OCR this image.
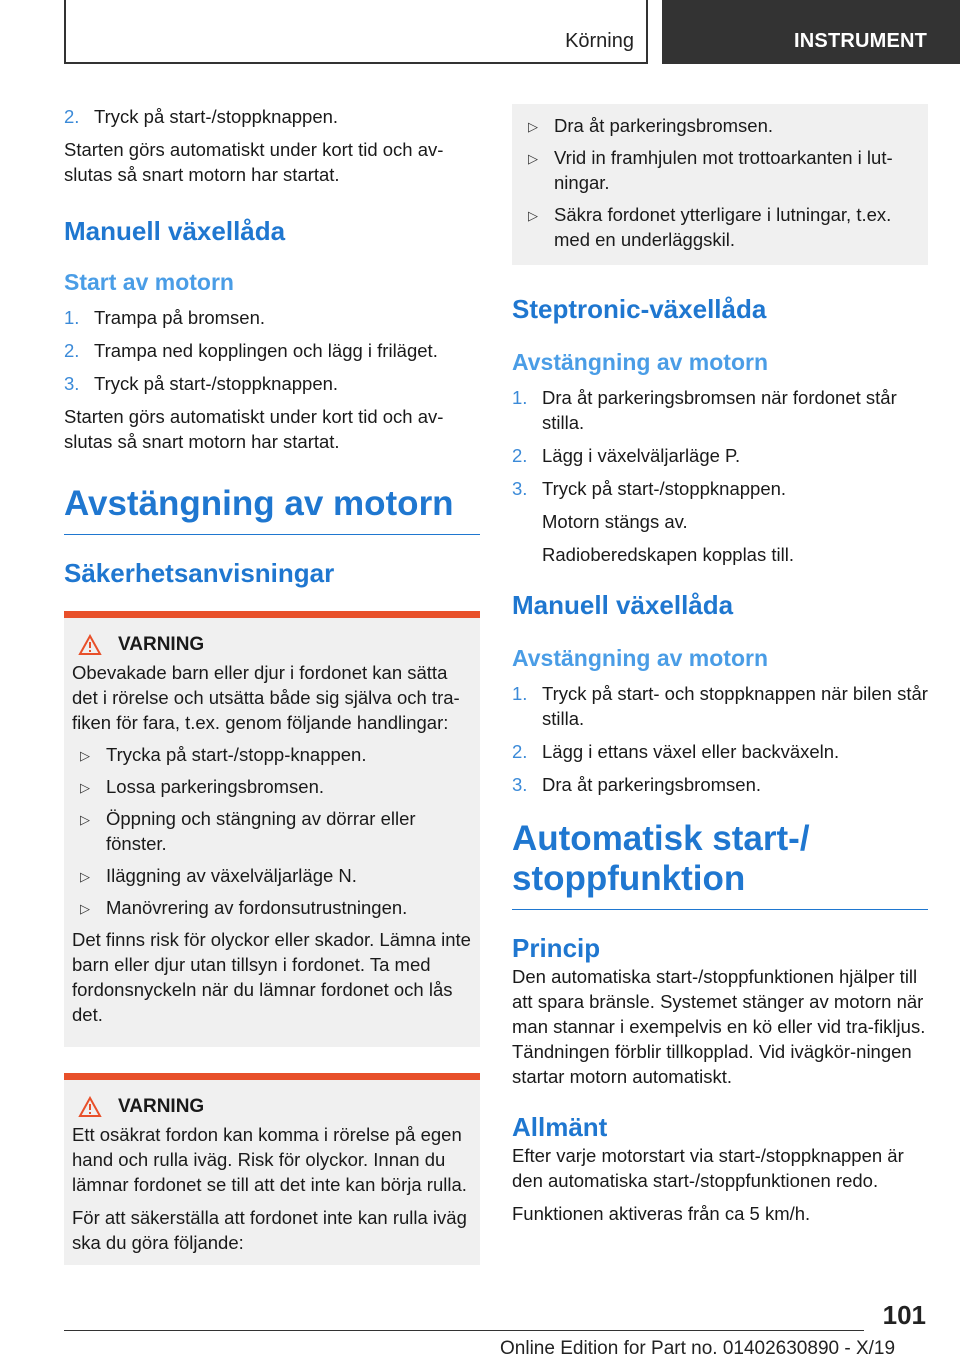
Körning	INSTRUMENT
2. Tryck på start-/stoppknappen.

Starten görs automatiskt under kort tid och av‐slutas så snart motorn har startat.

Manuell växellåda
Start av motorn
1. Trampa på bromsen.
2. Trampa ned kopplingen och lägg i friläget.
3. Tryck på start-/stoppknappen.

Starten görs automatiskt under kort tid och av‐slutas så snart motorn har startat.

Avstängning av motorn
Säkerhetsanvisningar
VARNING

Obevakade barn eller djur i fordonet kan sätta det i rörelse och utsätta både sig själva och tra‐fiken för fara, t.ex. genom följande handlingar:

▷ Trycka på start-/stopp-knappen.
▷ Lossa parkeringsbromsen.
▷ Öppning och stängning av dörrar eller fönster.
▷ Iläggning av växelväljarläge N.
▷ Manövrering av fordonsutrustningen.

Det finns risk för olyckor eller skador. Lämna inte barn eller djur utan tillsyn i fordonet. Ta med fordonsnyckeln när du lämnar fordonet och lås det.

VARNING

Ett osäkrat fordon kan komma i rörelse på egen hand och rulla iväg. Risk för olyckor. Innan du lämnar fordonet se till att det inte kan börja rulla.

För att säkerställa att fordonet inte kan rulla iväg ska du göra följande:

▷ Dra åt parkeringsbromsen.
▷ Vrid in framhjulen mot trottoarkanten i lut‐ningar.
▷ Säkra fordonet ytterligare i lutningar, t.ex. med en underläggskil.
Steptronic-växellåda
Avstängning av motorn
1. Dra åt parkeringsbromsen när fordonet står stilla.
2. Lägg i växelväljarläge P.
3. Tryck på start-/stoppknappen.
Motorn stängs av.
Radioberedskapen kopplas till.
Manuell växellåda
Avstängning av motorn
1. Tryck på start- och stoppknappen när bilen står stilla.
2. Lägg i ettans växel eller backväxeln.
3. Dra åt parkeringsbromsen.
Automatisk start-/ stoppfunktion
Princip

Den automatiska start-/stoppfunktionen hjälper till att spara bränsle. Systemet stänger av motorn när man stannar i exempelvis en kö eller vid tra‐fikljus. Tändningen förblir tillkopplad. Vid ivägkör‐ningen startar motorn automatiskt.

Allmänt

Efter varje motorstart via start-/stoppknappen är den automatiska start-/stoppfunktionen redo.

Funktionen aktiveras från ca 5 km/h.

101
Online Edition for Part no. 01402630890 - X/19
